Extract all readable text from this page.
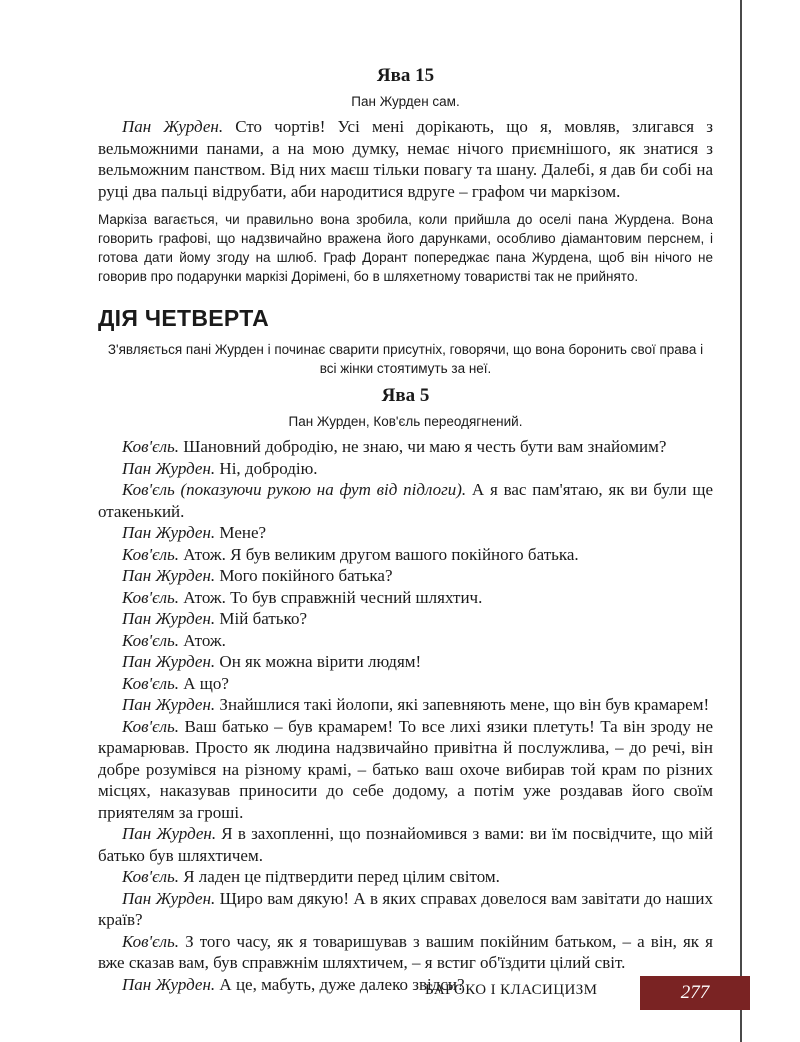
Ява 15
Пан Журден сам.

Пан Журден. Сто чортів! Усі мені дорікають, що я, мовляв, злигався з вельможними панами, а на мою думку, немає нічого приємнішого, як знатися з вельможним панством. Від них маєш тільки повагу та шану. Далебі, я дав би собі на руці два пальці відрубати, аби народитися вдруге – графом чи маркізом.

Маркіза вагається, чи правильно вона зробила, коли прийшла до оселі пана Журдена. Вона говорить графові, що надзвичайно вражена його дарунками, особливо діамантовим перснем, і готова дати йому згоду на шлюб. Граф Дорант попереджає пана Журдена, щоб він нічого не говорив про подарунки маркізі Дорімені, бо в шляхетному товаристві так не прийнято.

ДІЯ ЧЕТВЕРТА

З'являється пані Журден і починає сварити присутніх, говорячи, що вона боронить свої права і всі жінки стоятимуть за неї.

Ява 5
Пан Журден, Ков'єль переодягнений.

Ков'єль. Шановний добродію, не знаю, чи маю я честь бути вам знайомим?

Пан Журден. Ні, добродію.

Ков'єль (показуючи рукою на фут від підлоги). А я вас пам'ятаю, як ви були ще отакенький.

Пан Журден. Мене?

Ков'єль. Атож. Я був великим другом вашого покійного батька.

Пан Журден. Мого покійного батька?

Ков'єль. Атож. То був справжній чесний шляхтич.

Пан Журден. Мій батько?

Ков'єль. Атож.

Пан Журден. Он як можна вірити людям!

Ков'єль. А що?

Пан Журден. Знайшлися такі йолопи, які запевняють мене, що він був крамарем!

Ков'єль. Ваш батько – був крамарем! То все лихі язики плетуть! Та він зроду не крамарював. Просто як людина надзвичайно привітна й послужлива, – до речі, він добре розумівся на різному крамі, – батько ваш охоче вибирав той крам по різних місцях, наказував приносити до себе додому, а потім уже роздавав його своїм приятелям за гроші.

Пан Журден. Я в захопленні, що познайомився з вами: ви їм посвідчите, що мій батько був шляхтичем.

Ков'єль. Я ладен це підтвердити перед цілим світом.

Пан Журден. Щиро вам дякую! А в яких справах довелося вам завітати до наших країв?

Ков'єль. З того часу, як я товаришував з вашим покійним батьком, – а він, як я вже сказав вам, був справжнім шляхтичем, – я встиг об'їздити цілий світ.

Пан Журден. А це, мабуть, дуже далеко звідси?

БАРОКО І КЛАСИЦИЗМ	277
